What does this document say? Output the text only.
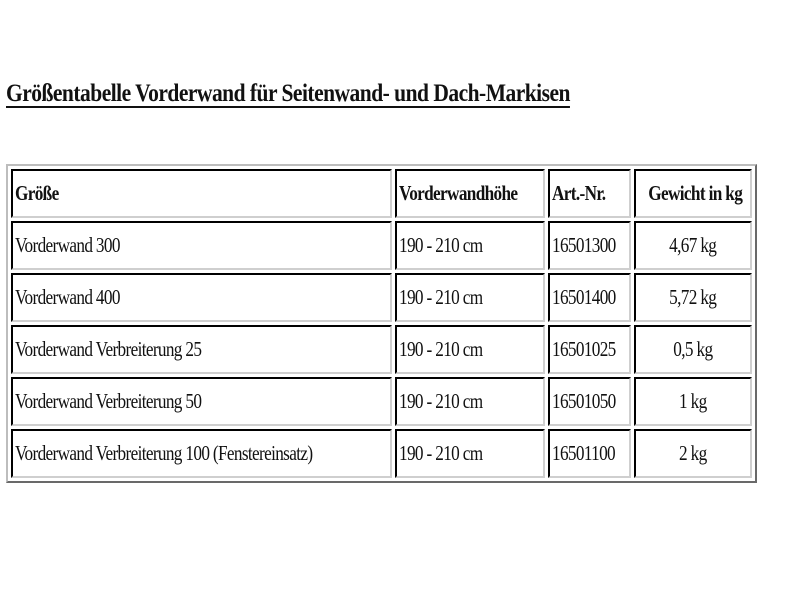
Größentabelle Vorderwand für Seitenwand- und Dach-Markisen
Größe	Vorderwandhöhe	Art.-Nr.	Gewicht in kg
Vorderwand 300	190 - 210 cm	16501300	4,67 kg
Vorderwand 400	190 - 210 cm	16501400	5,72 kg
Vorderwand Verbreiterung 25	190 - 210 cm	16501025	0,5 kg
Vorderwand Verbreiterung 50	190 - 210 cm	16501050	1 kg
Vorderwand Verbreiterung 100 (Fenstereinsatz)	190 - 210 cm	16501100	2 kg
